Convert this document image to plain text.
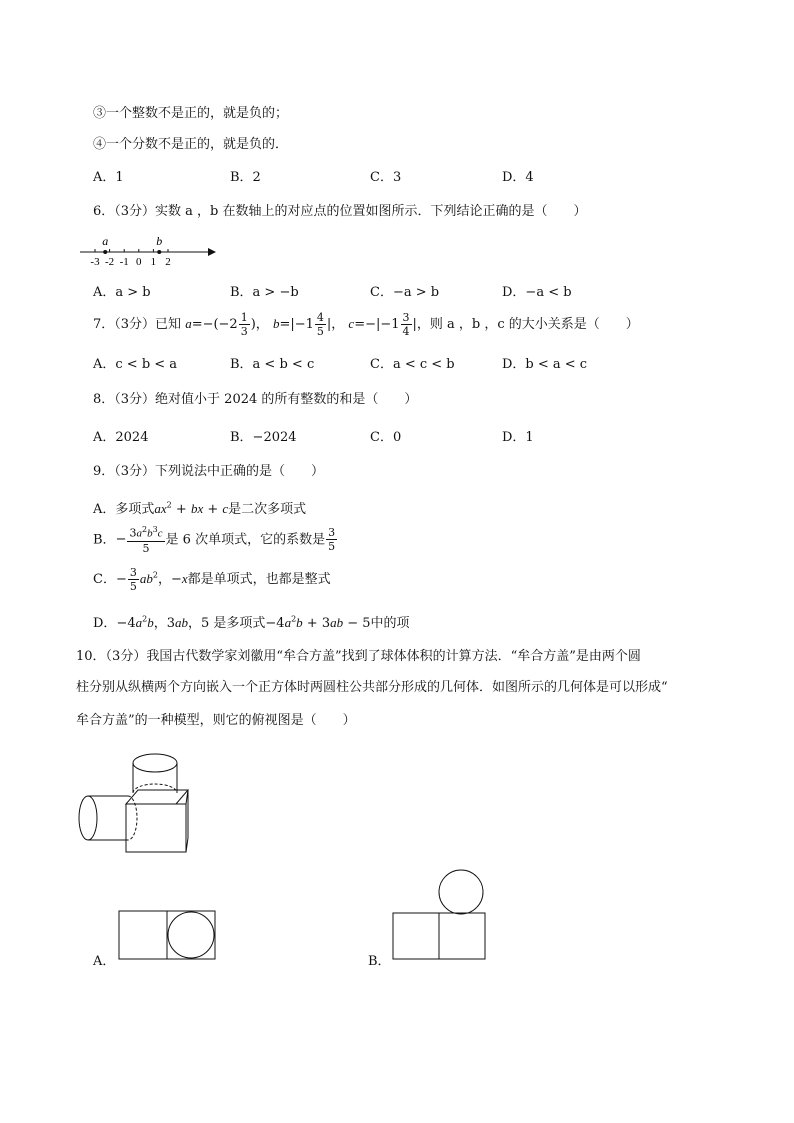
③一个整数不是正的，就是负的；
④一个分数不是正的，就是负的．
A．1	B．2	C．3	D．4
6．（3分）实数 a ，b 在数轴上的对应点的位置如图所示．下列结论正确的是（　　）
-3 -2 -1 0 1 2
a	b
A．a > b	B．a > −b	C．−a > b	D．−a < b
7．（3分）已知 $a=-(-2 \frac{1}{3}$ )， $b=|-1 \frac{4}{5}$ |， $c=-|-1 \frac{3}{4}$ |，则 a ，b ，c 的大小关系是（　　）
A．c < b < a	B．a < b < c	C．a < c < b	D．b < a < c
8．（3分）绝对值小于 2024 的所有整数的和是（　　）
A．2024	B．−2024	C．0	D．1
9．（3分）下列说法中正确的是（　　）
A．多项式$ax^2$ + bx + c是二次多项式
B．− $\frac{3a^2b^3c}{5}$ 是 6 次单项式，它的系数是 $\frac{3}{5}$
C．− $\frac{3}{5} ab^2$，−x都是单项式，也都是整式
D．$-4a^2b$，3ab，5 是多项式$-4a^2b + 3ab - 5$中的项
10．（3分）我国古代数学家刘徽用“牟合方盖”找到了球体体积的计算方法．“牟合方盖”是由两个圆
柱分别从纵横两个方向嵌入一个正方体时两圆柱公共部分形成的几何体．如图所示的几何体是可以形成“
牟合方盖”的一种模型，则它的俯视图是（　　）
A．	B．
